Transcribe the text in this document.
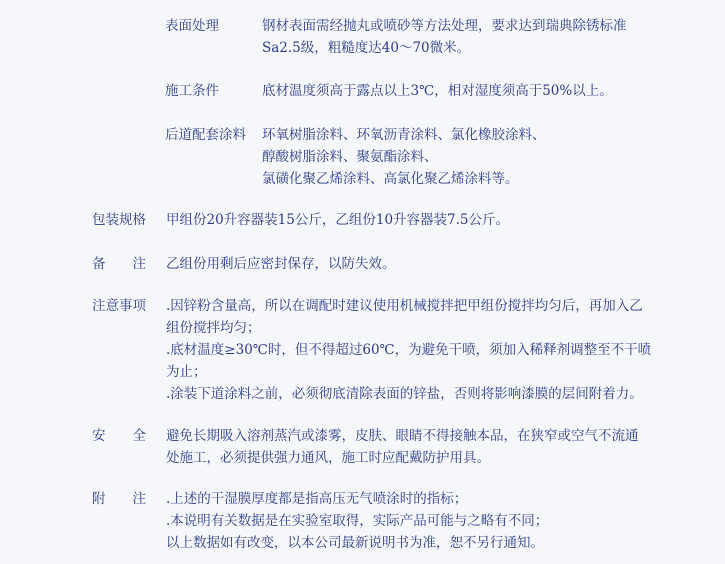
表面处理	钢材表面需经抛丸或喷砂等方法处理，要求达到瑞典除锈标准
Sa2.5级，粗糙度达40～70微米。
施工条件	底材温度须高于露点以上3℃，相对湿度须高于50%以上。
后道配套涂料 环氧树脂涂料、环氧沥青涂料、氯化橡胶涂料、
醇酸树脂涂料、聚氨酯涂料、
氯磺化聚乙烯涂料、高氯化聚乙烯涂料等。
包装规格 甲组份20升容器装15公斤，乙组份10升容器装7.5公斤。
备　　注 乙组份用剩后应密封保存，以防失效。
注意事项 .因锌粉含量高，所以在调配时建议使用机械搅拌把甲组份搅拌均匀后，再加入乙
组份搅拌均匀；
.底材温度≥30℃时，但不得超过60℃，为避免干喷，须加入稀释剂调整至不干喷
为止；
.涂装下道涂料之前，必须彻底清除表面的锌盐，否则将影响漆膜的层间附着力。
安　　全 避免长期吸入溶剂蒸汽或漆雾，皮肤、眼睛不得接触本品，在狭窄或空气不流通
处施工，必须提供强力通风，施工时应配戴防护用具。
附　　注 .上述的干湿膜厚度都是指高压无气喷涂时的指标；
.本说明有关数据是在实验室取得，实际产品可能与之略有不同；
以上数据如有改变，以本公司最新说明书为准，恕不另行通知。
